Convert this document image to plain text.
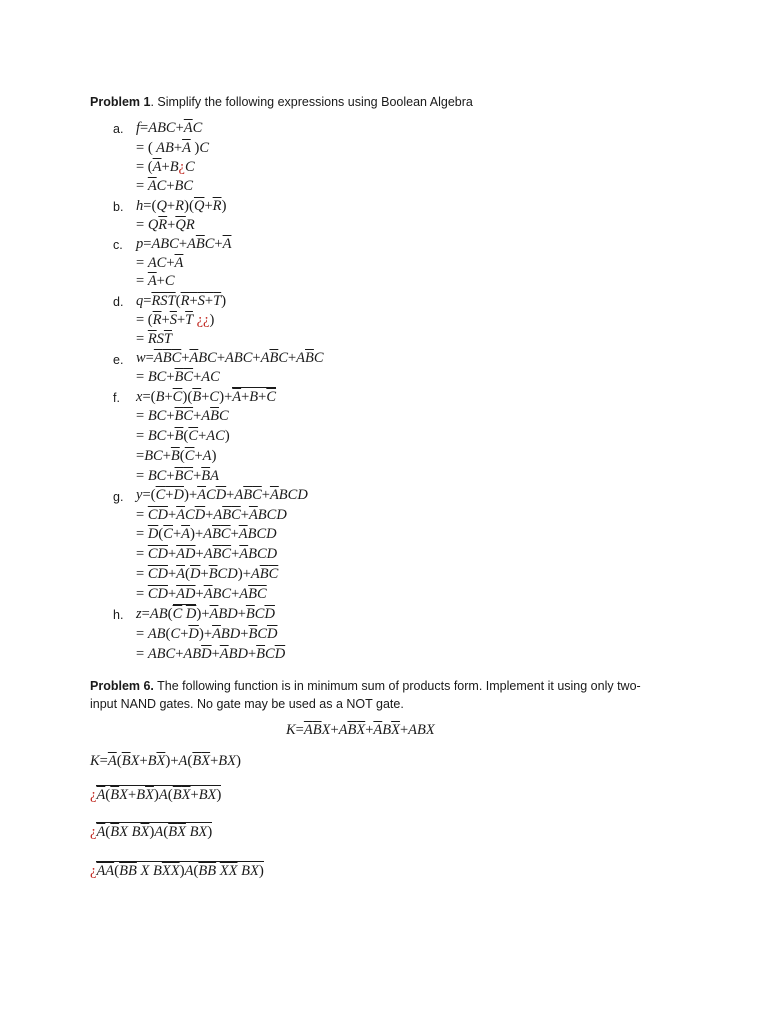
Problem 1. Simplify the following expressions using Boolean Algebra
a. $f=ABC+\overline{A}C$
= ( $AB+\overline{A}$ )C
= ($\overline{A}+B¿C$
= $\overline{A}C+BC$
b. $h=(Q+R)(\overline{Q}+\overline{R})$
= $Q\overline{R}+\overline{Q}R$
c. $p=ABC+A\overline{B}C+\overline{A}$
= $AC+\overline{A}$
= $\overline{A}+C$
d. $q=\overline{RST}(R+S+T)$
= ($\overline{R}+\overline{S}+\overline{T}$ ¿¿)
= $\overline{R}S\overline{T}$
e. $w=\overline{A}\overline{B}\overline{C}+\overline{A}BC+ABC+A\overline{B}C+A\overline{B}C$
= $BC+\overline{B}\overline{C}+AC$
f. $x=(B+\overline{C})(\overline{B}+C)+\overline{A}+B+\overline{C}$
= $BC+\overline{B}\overline{C}+A\overline{B}C$
= $BC+\overline{B}(\overline{C}+AC)$
$=BC+\overline{B}(\overline{C}+A)$
= $BC+\overline{B}\overline{C}+\overline{B}A$
g. $y=(C+D)+\overline{A}C\overline{D}+A\overline{B}\overline{C}+\overline{A}BCD$
= $\overline{C}\overline{D}+\overline{A}C\overline{D}+A\overline{B}\overline{C}+\overline{A}BCD$
= $\overline{D}(\overline{C}+\overline{A})+A\overline{B}\overline{C}+\overline{A}BCD$
= $\overline{C}\overline{D}+\overline{A}\overline{D}+A\overline{B}\overline{C}+\overline{A}BCD$
= $\overline{C}\overline{D}+\overline{A}(\overline{D}+\overline{B}CD)+A\overline{B}\overline{C}$
= $\overline{C}\overline{D}+\overline{A}\overline{D}+\overline{A}BC+A\overline{B}\overline{C}$
h. $z=AB(\overline{C}$ $\overline{D})+\overline{A}BD+\overline{B}C\overline{D}$
= $AB(C+\overline{D})+\overline{A}BD+\overline{B}C\overline{D}$
= $ABC+AB\overline{D}+\overline{A}BD+\overline{B}C\overline{D}$
Problem 6. The following function is in minimum sum of products form. Implement it using only two-input NAND gates. No gate may be used as a NOT gate.
$K=\overline{A}\overline{B}X+A\overline{B}\overline{X}+\overline{A}B\overline{X}+ABX$
$K=\overline{A}(\overline{B}X+B\overline{X})+A(\overline{B}\overline{X}+BX)$
¿$\overline{A}(\overline{B}X+B\overline{X})A(\overline{B}\overline{X}+BX)$
¿$\overline{A}(\overline{B}X$ $B\overline{X})A(\overline{B}\overline{X}$ BX)
¿$\overline{AA}(\overline{BB}$ X $B\overline{XX})A(\overline{BB}$ $\overline{XX}$ BX)
